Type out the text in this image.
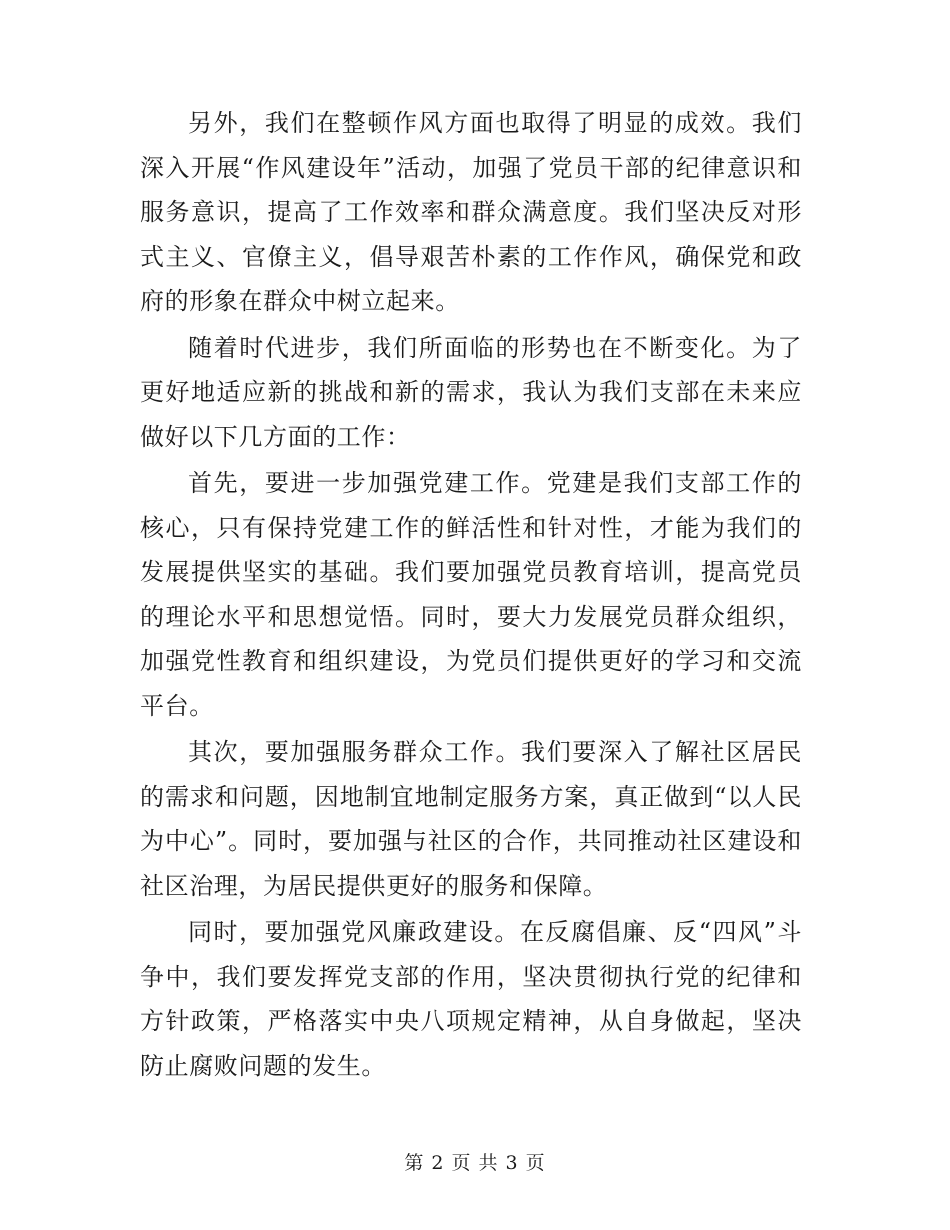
另外，我们在整顿作风方面也取得了明显的成效。我们深入开展“作风建设年”活动，加强了党员干部的纪律意识和服务意识，提高了工作效率和群众满意度。我们坚决反对形式主义、官僚主义，倡导艰苦朴素的工作作风，确保党和政府的形象在群众中树立起来。

随着时代进步，我们所面临的形势也在不断变化。为了更好地适应新的挑战和新的需求，我认为我们支部在未来应做好以下几方面的工作：

首先，要进一步加强党建工作。党建是我们支部工作的核心，只有保持党建工作的鲜活性和针对性，才能为我们的发展提供坚实的基础。我们要加强党员教育培训，提高党员的理论水平和思想觉悟。同时，要大力发展党员群众组织，加强党性教育和组织建设，为党员们提供更好的学习和交流平台。

其次，要加强服务群众工作。我们要深入了解社区居民的需求和问题，因地制宜地制定服务方案，真正做到“以人民为中心”。同时，要加强与社区的合作，共同推动社区建设和社区治理，为居民提供更好的服务和保障。

同时，要加强党风廉政建设。在反腐倡廉、反“四风”斗争中，我们要发挥党支部的作用，坚决贯彻执行党的纪律和方针政策，严格落实中央八项规定精神，从自身做起，坚决防止腐败问题的发生。

第 2 页 共 3 页
